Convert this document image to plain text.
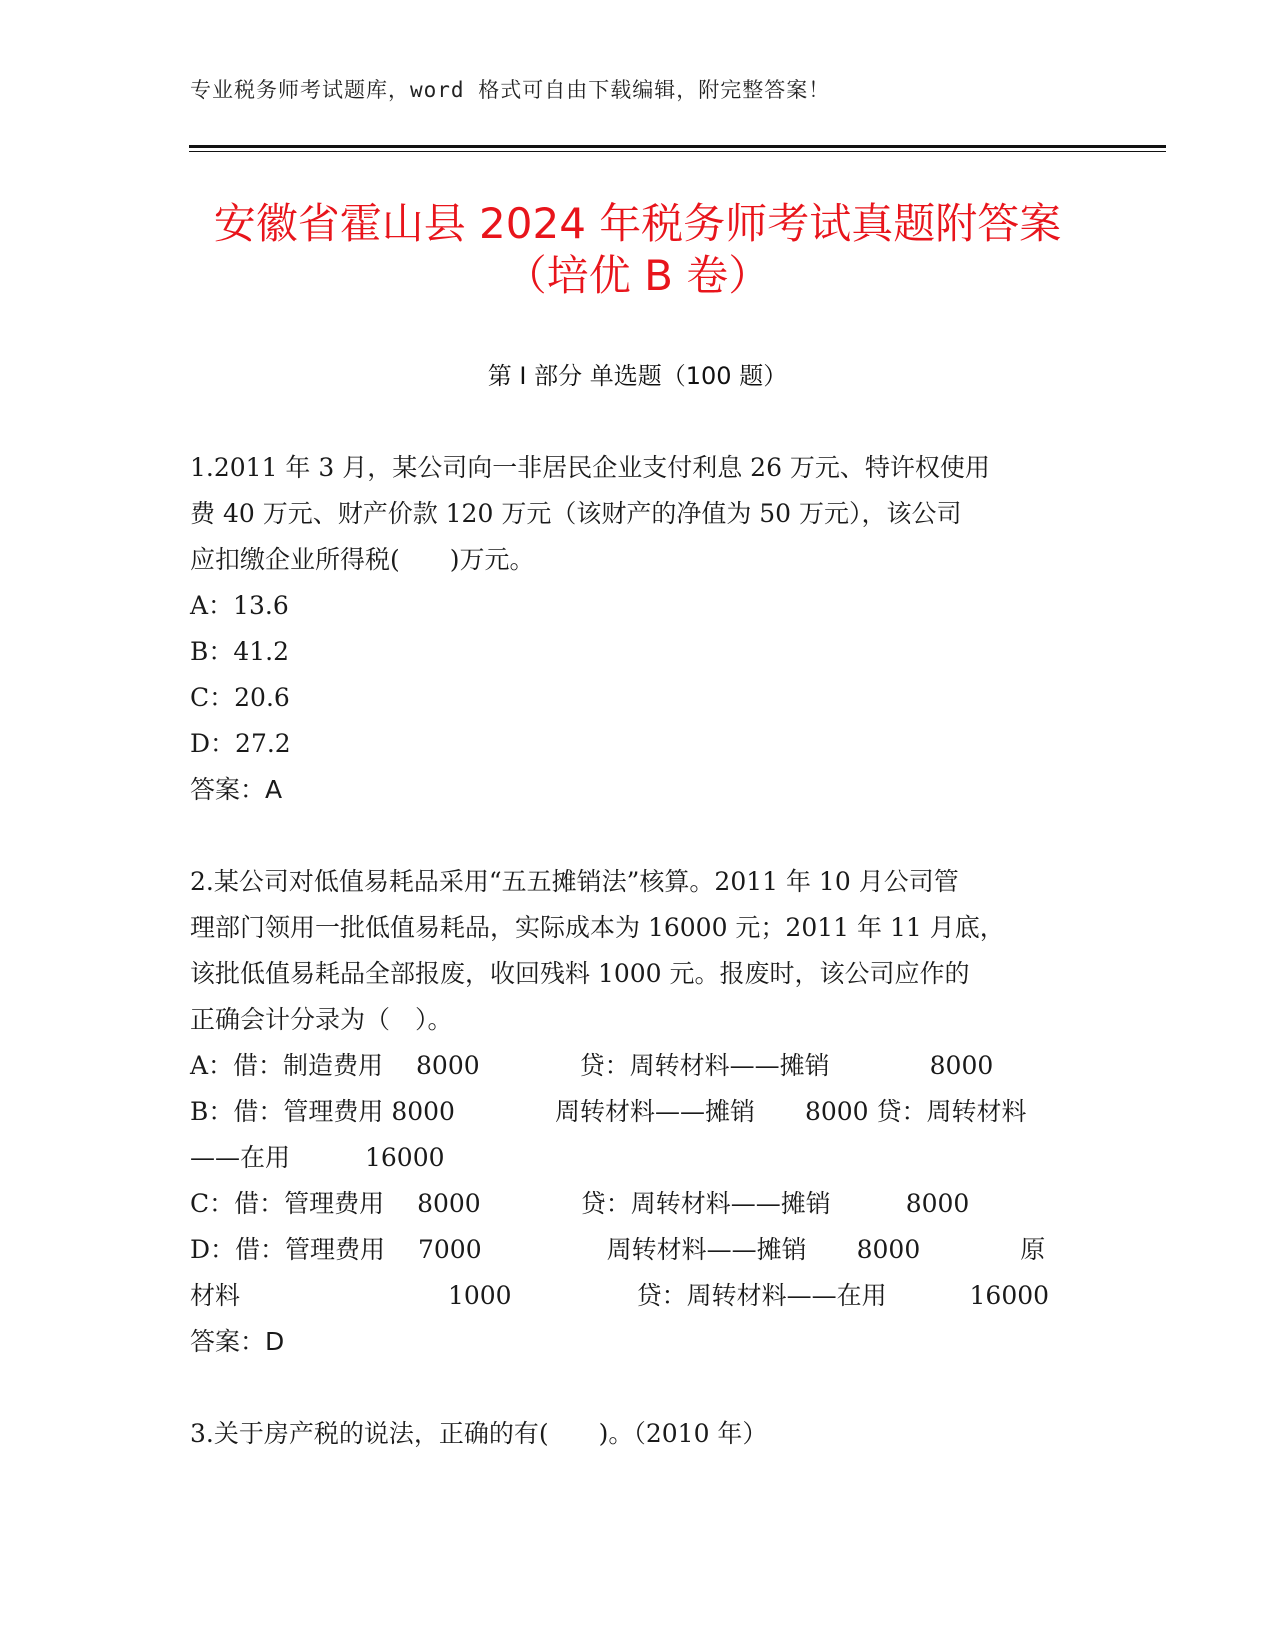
专业税务师考试题库，word 格式可自由下载编辑，附完整答案！
安徽省霍山县 2024 年税务师考试真题附答案
（培优 B 卷）
第 I 部分 单选题（100 题）

1.2011 年 3 月，某公司向一非居民企业支付利息 26 万元、特许权使用
费 40 万元、财产价款 120 万元（该财产的净值为 50 万元），该公司
应扣缴企业所得税(　　)万元。

A：13.6

B：41.2

C：20.6

D：27.2

答案：A

2.某公司对低值易耗品采用“五五摊销法”核算。2011 年 10 月公司管
理部门领用一批低值易耗品，实际成本为 16000 元；2011 年 11 月底，
该批低值易耗品全部报废，收回残料 1000 元。报废时，该公司应作的
正确会计分录为（　）。

A：借：制造费用　 8000　　　　贷：周转材料——摊销　　　　8000

B：借：管理费用 8000　　　　周转材料——摊销　　8000 贷：周转材料
——在用　　　16000

C：借：管理费用　 8000　　　　贷：周转材料——摊销　　　8000

D：借：管理费用　 7000　　　　　周转材料——摊销　　8000　　　　原
材料　　　　　　　　 1000　　　　　贷：周转材料——在用　　　 16000

答案：D

3.关于房产税的说法，正确的有(　　)。（2010 年）
